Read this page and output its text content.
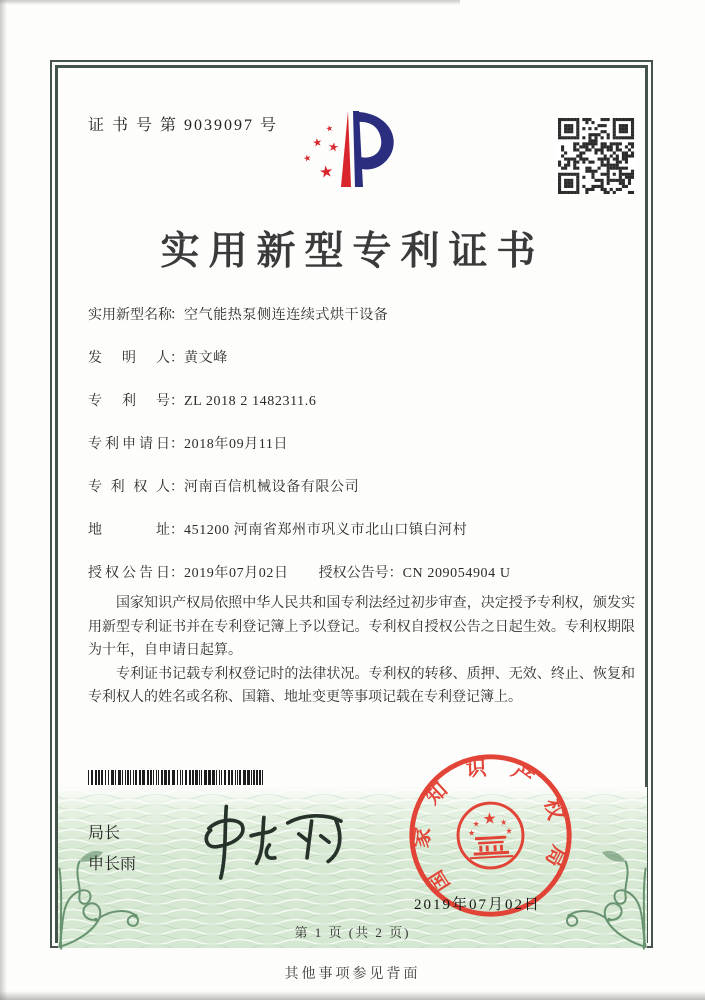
证 书 号 第 9039097 号	★
★ ★
★
★
实用新型专利证书
实用新型名称：空气能热泵侧连连续式烘干设备
发明人：黄文峰
专利号：ZL 2018 2 1482311.6
专利申请日：2018年09月11日
专利权人：河南百信机械设备有限公司
地址：451200 河南省郑州市巩义市北山口镇白河村
授权公告日：2019年07月02日 授权公告号：CN 209054904 U

国家知识产权局依照中华人民共和国专利法经过初步审查，决定授予专利权，颁发实用新型专利证书并在专利登记簿上予以登记。专利权自授权公告之日起生效。专利权期限为十年，自申请日起算。

专利证书记载专利权登记时的法律状况。专利权的转移、质押、无效、终止、恢复和专利权人的姓名或名称、国籍、地址变更等事项记载在专利登记簿上。

局长
申长雨	国家知识产权局
★
★ ★
★	★
2019年07月02日
第 1 页 (共 2 页)
其他事项参见背面
